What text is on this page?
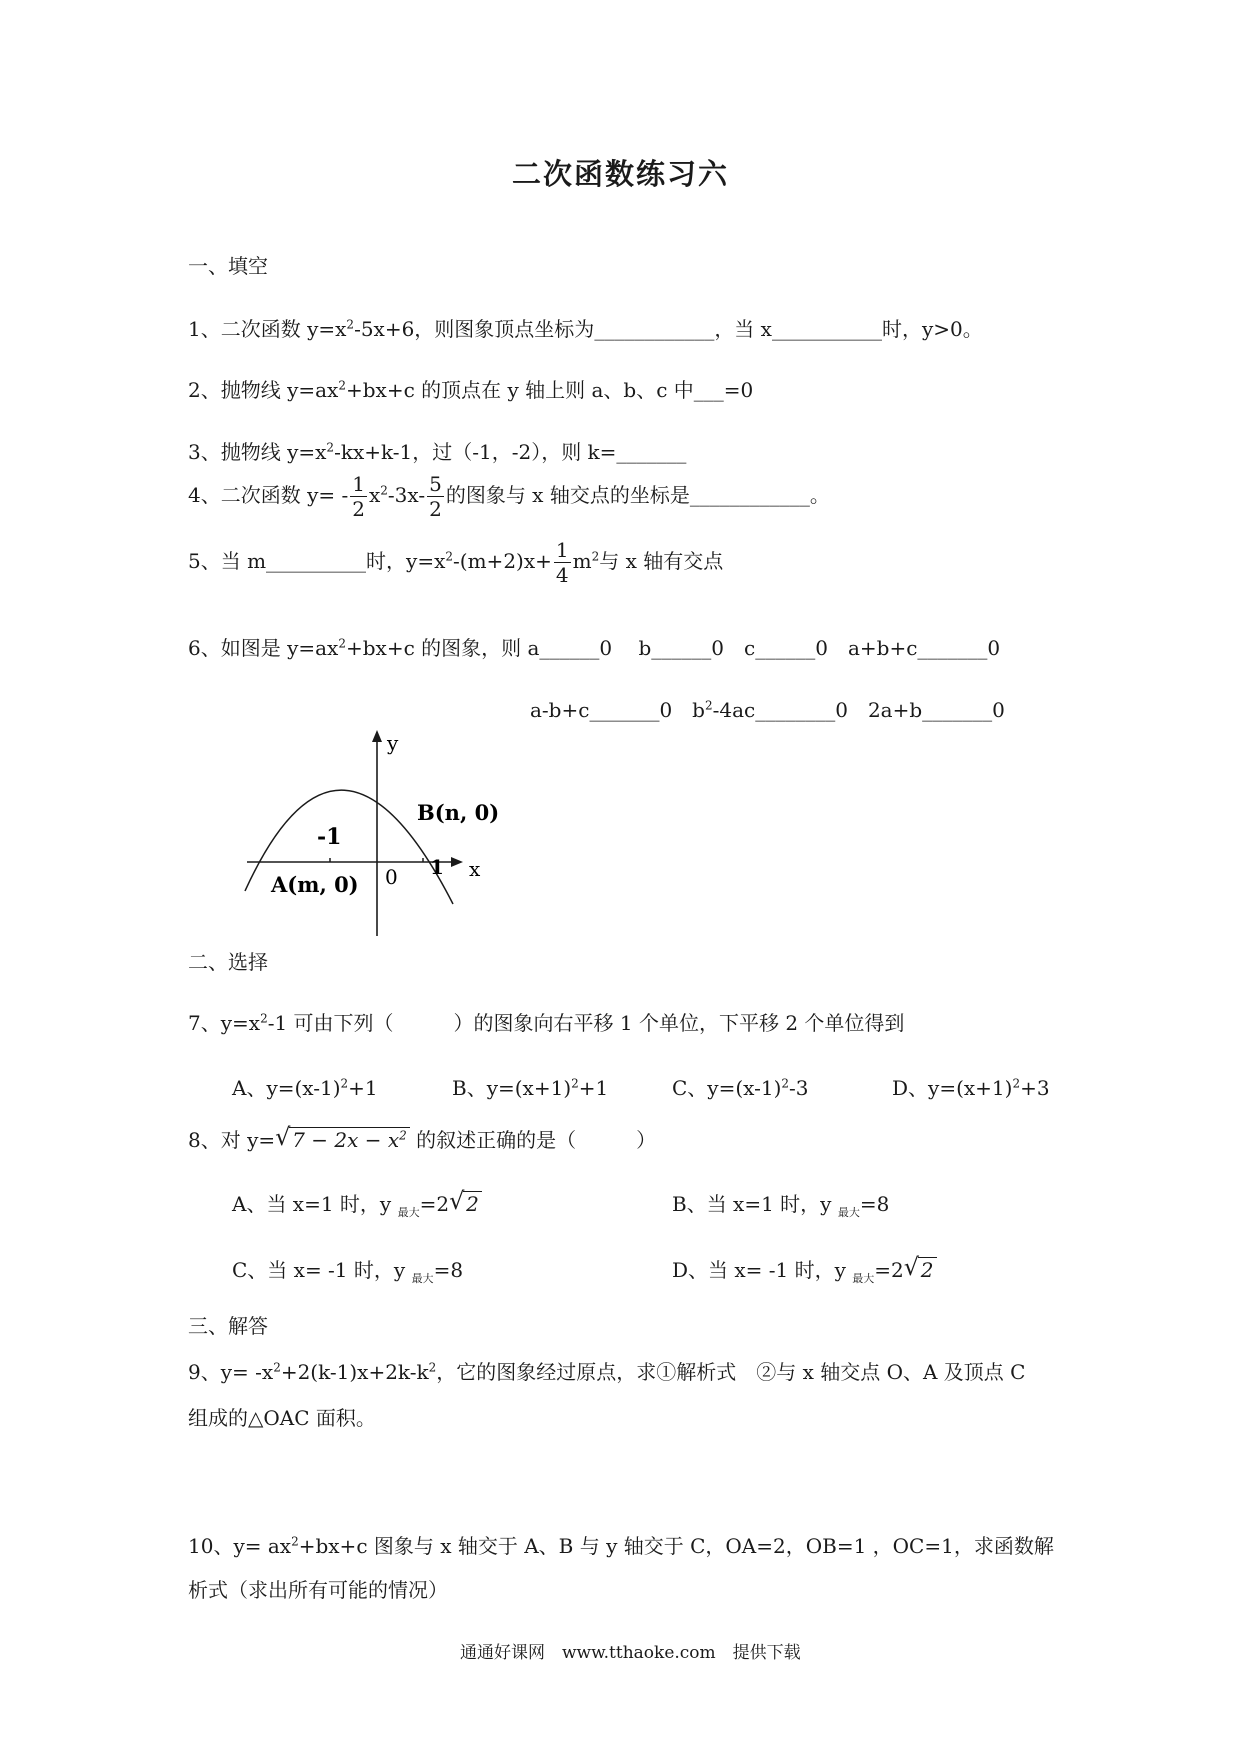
二次函数练习六
一、填空
1、二次函数 $y=x^2-5x+6$，则图象顶点坐标为____________，当 x___________时，y>0。
2、抛物线 $y=ax^2+bx+c$ 的顶点在 y 轴上则 a、b、c 中___=0
3、抛物线 $y=x^2-kx+k-1$，过（-1，-2），则 k=_______
4、二次函数 $y= - \frac{1}{2} x^2-3x- \frac{5}{2}$ 的图象与 x 轴交点的坐标是____________。
5、当 m__________时，$y=x^2-(m+2)x+ \frac{1}{4} m^2$与 x 轴有交点
6、如图是 $y=ax^2+bx+c$ 的图象，则 a______0　 b______0　c______0　a+b+c_______0
a-b+c_______0　$b^2-4ac\_\_\_\_\_\_\_\_0$　2a+b_______0
y
x
0
-1
1
A(m, 0)
B(n, 0)
二、选择
7、$y=x^2-1$ 可由下列（　　　）的图象向右平移 1 个单位，下平移 2 个单位得到
A、$y=(x-1)^2+1$	B、$y=(x+1)^2+1$	C、$y=(x-1)^2-3$	D、$y=(x+1)^2+3$
8、对 y= √ $7 - 2x - x^2$ 的叙述正确的是（　　　）
A、当 x=1 时，y $_{最大}$=2 √ 2	B、当 x=1 时，y $_{最大}$=8
C、当 x= -1 时，y $_{最大}$=8	D、当 x= -1 时，y $_{最大}$=2 √ 2
三、解答
9、$y= -x^2+2(k-1)x+2k-k^2$，它的图象经过原点，求①解析式　②与 x 轴交点 O、A 及顶点 C
组成的△OAC 面积。
10、$y= ax^2+bx+c$ 图象与 x 轴交于 A、B 与 y 轴交于 C，OA=2，OB=1 ，OC=1，求函数解
析式（求出所有可能的情况）
通通好课网　www.tthaoke.com　提供下载
